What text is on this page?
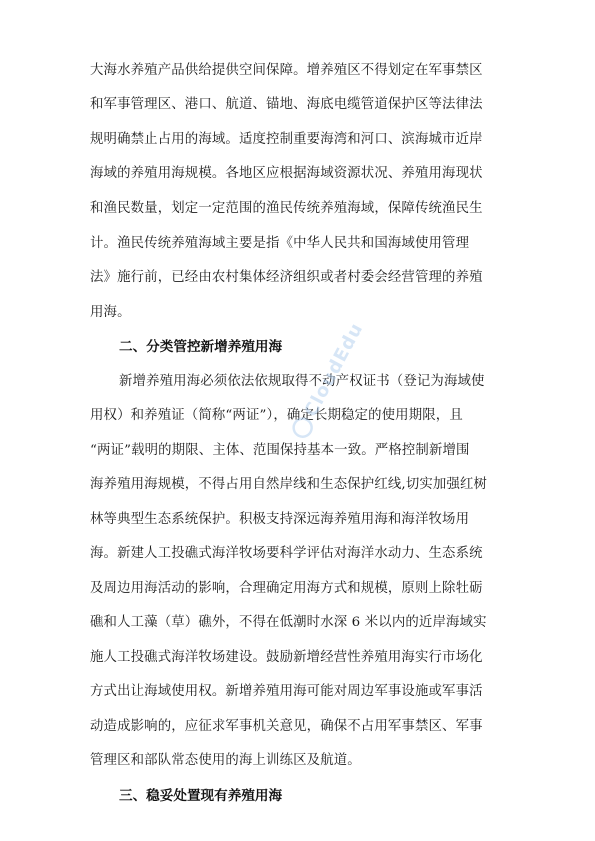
大海水养殖产品供给提供空间保障。增养殖区不得划定在军事禁区
和军事管理区、港口、航道、锚地、海底电缆管道保护区等法律法
规明确禁止占用的海域。适度控制重要海湾和河口、滨海城市近岸
海域的养殖用海规模。各地区应根据海域资源状况、养殖用海现状
和渔民数量，划定一定范围的渔民传统养殖海域，保障传统渔民生
计。渔民传统养殖海域主要是指《中华人民共和国海域使用管理
法》施行前，已经由农村集体经济组织或者村委会经营管理的养殖
用海。
二、分类管控新增养殖用海
新增养殖用海必须依法依规取得不动产权证书（登记为海域使
用权）和养殖证（简称“两证”），确定长期稳定的使用期限，且
“两证”载明的期限、主体、范围保持基本一致。严格控制新增围
海养殖用海规模，不得占用自然岸线和生态保护红线,切实加强红树
林等典型生态系统保护。积极支持深远海养殖用海和海洋牧场用
海。新建人工投礁式海洋牧场要科学评估对海洋水动力、生态系统
及周边用海活动的影响，合理确定用海方式和规模，原则上除牡砺
礁和人工藻（草）礁外，不得在低潮时水深 6 米以内的近岸海域实
施人工投礁式海洋牧场建设。鼓励新增经营性养殖用海实行市场化
方式出让海域使用权。新增养殖用海可能对周边军事设施或军事活
动造成影响的，应征求军事机关意见，确保不占用军事禁区、军事
管理区和部队常态使用的海上训练区及航道。
三、稳妥处置现有养殖用海
CloudEdu
